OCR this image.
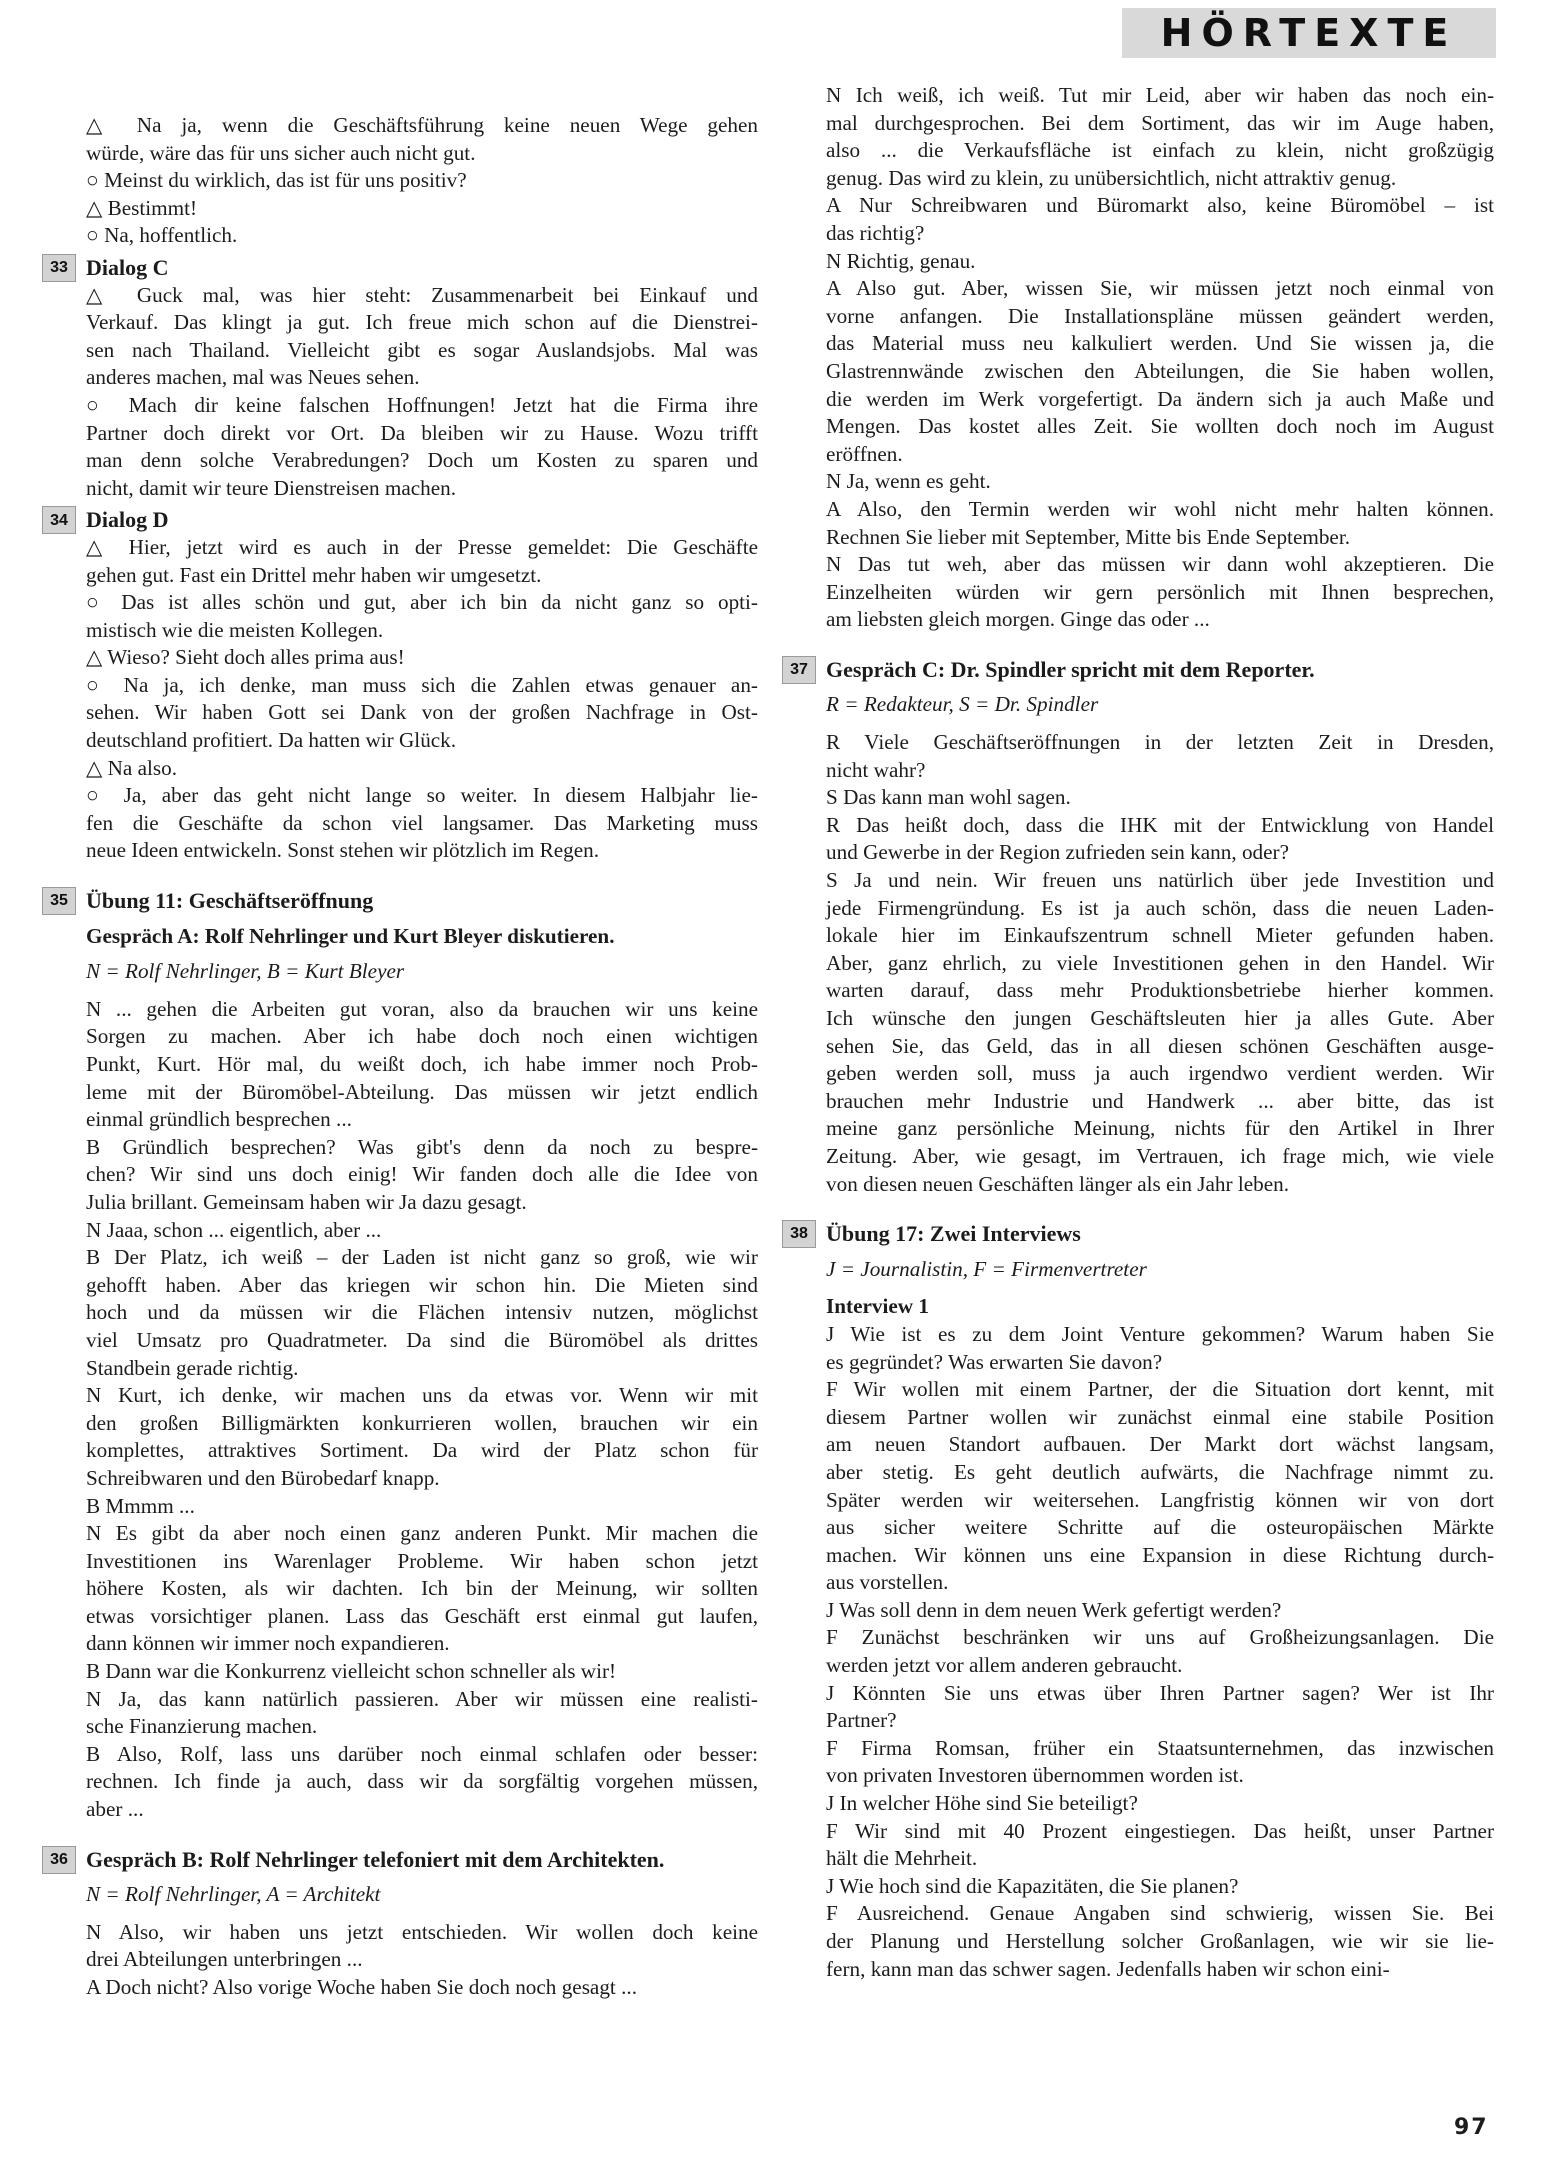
HÖRTEXTE
△ Na ja, wenn die Geschäftsführung keine neuen Wege gehen
würde, wäre das für uns sicher auch nicht gut.
○ Meinst du wirklich, das ist für uns positiv?
△ Bestimmt!
○ Na, hoffentlich.
33 Dialog C
△ Guck mal, was hier steht: Zusammenarbeit bei Einkauf und
Verkauf. Das klingt ja gut. Ich freue mich schon auf die Dienstrei-
sen nach Thailand. Vielleicht gibt es sogar Auslandsjobs. Mal was
anderes machen, mal was Neues sehen.
○ Mach dir keine falschen Hoffnungen! Jetzt hat die Firma ihre
Partner doch direkt vor Ort. Da bleiben wir zu Hause. Wozu trifft
man denn solche Verabredungen? Doch um Kosten zu sparen und
nicht, damit wir teure Dienstreisen machen.
34 Dialog D
△ Hier, jetzt wird es auch in der Presse gemeldet: Die Geschäfte
gehen gut. Fast ein Drittel mehr haben wir umgesetzt.
○ Das ist alles schön und gut, aber ich bin da nicht ganz so opti-
mistisch wie die meisten Kollegen.
△ Wieso? Sieht doch alles prima aus!
○ Na ja, ich denke, man muss sich die Zahlen etwas genauer an-
sehen. Wir haben Gott sei Dank von der großen Nachfrage in Ost-
deutschland profitiert. Da hatten wir Glück.
△ Na also.
○ Ja, aber das geht nicht lange so weiter. In diesem Halbjahr lie-
fen die Geschäfte da schon viel langsamer. Das Marketing muss
neue Ideen entwickeln. Sonst stehen wir plötzlich im Regen.
35 Übung 11: Geschäftseröffnung
Gespräch A: Rolf Nehrlinger und Kurt Bleyer diskutieren.
N = Rolf Nehrlinger, B = Kurt Bleyer
N ... gehen die Arbeiten gut voran, also da brauchen wir uns keine
Sorgen zu machen. Aber ich habe doch noch einen wichtigen
Punkt, Kurt. Hör mal, du weißt doch, ich habe immer noch Prob-
leme mit der Büromöbel-Abteilung. Das müssen wir jetzt endlich
einmal gründlich besprechen ...
B Gründlich besprechen? Was gibt's denn da noch zu bespre-
chen? Wir sind uns doch einig! Wir fanden doch alle die Idee von
Julia brillant. Gemeinsam haben wir Ja dazu gesagt.
N Jaaa, schon ... eigentlich, aber ...
B Der Platz, ich weiß – der Laden ist nicht ganz so groß, wie wir
gehofft haben. Aber das kriegen wir schon hin. Die Mieten sind
hoch und da müssen wir die Flächen intensiv nutzen, möglichst
viel Umsatz pro Quadratmeter. Da sind die Büromöbel als drittes
Standbein gerade richtig.
N Kurt, ich denke, wir machen uns da etwas vor. Wenn wir mit
den großen Billigmärkten konkurrieren wollen, brauchen wir ein
komplettes, attraktives Sortiment. Da wird der Platz schon für
Schreibwaren und den Bürobedarf knapp.
B Mmmm ...
N Es gibt da aber noch einen ganz anderen Punkt. Mir machen die
Investitionen ins Warenlager Probleme. Wir haben schon jetzt
höhere Kosten, als wir dachten. Ich bin der Meinung, wir sollten
etwas vorsichtiger planen. Lass das Geschäft erst einmal gut laufen,
dann können wir immer noch expandieren.
B Dann war die Konkurrenz vielleicht schon schneller als wir!
N Ja, das kann natürlich passieren. Aber wir müssen eine realisti-
sche Finanzierung machen.
B Also, Rolf, lass uns darüber noch einmal schlafen oder besser:
rechnen. Ich finde ja auch, dass wir da sorgfältig vorgehen müssen,
aber ...
36 Gespräch B: Rolf Nehrlinger telefoniert mit dem Architekten.
N = Rolf Nehrlinger, A = Architekt
N Also, wir haben uns jetzt entschieden. Wir wollen doch keine
drei Abteilungen unterbringen ...
A Doch nicht? Also vorige Woche haben Sie doch noch gesagt ...
N Ich weiß, ich weiß. Tut mir Leid, aber wir haben das noch ein-
mal durchgesprochen. Bei dem Sortiment, das wir im Auge haben,
also ... die Verkaufsfläche ist einfach zu klein, nicht großzügig
genug. Das wird zu klein, zu unübersichtlich, nicht attraktiv genug.
A Nur Schreibwaren und Büromarkt also, keine Büromöbel – ist
das richtig?
N Richtig, genau.
A Also gut. Aber, wissen Sie, wir müssen jetzt noch einmal von
vorne anfangen. Die Installationspläne müssen geändert werden,
das Material muss neu kalkuliert werden. Und Sie wissen ja, die
Glastrennwände zwischen den Abteilungen, die Sie haben wollen,
die werden im Werk vorgefertigt. Da ändern sich ja auch Maße und
Mengen. Das kostet alles Zeit. Sie wollten doch noch im August
eröffnen.
N Ja, wenn es geht.
A Also, den Termin werden wir wohl nicht mehr halten können.
Rechnen Sie lieber mit September, Mitte bis Ende September.
N Das tut weh, aber das müssen wir dann wohl akzeptieren. Die
Einzelheiten würden wir gern persönlich mit Ihnen besprechen,
am liebsten gleich morgen. Ginge das oder ...
37 Gespräch C: Dr. Spindler spricht mit dem Reporter.
R = Redakteur, S = Dr. Spindler
R Viele Geschäftseröffnungen in der letzten Zeit in Dresden,
nicht wahr?
S Das kann man wohl sagen.
R Das heißt doch, dass die IHK mit der Entwicklung von Handel
und Gewerbe in der Region zufrieden sein kann, oder?
S Ja und nein. Wir freuen uns natürlich über jede Investition und
jede Firmengründung. Es ist ja auch schön, dass die neuen Laden-
lokale hier im Einkaufszentrum schnell Mieter gefunden haben.
Aber, ganz ehrlich, zu viele Investitionen gehen in den Handel. Wir
warten darauf, dass mehr Produktionsbetriebe hierher kommen.
Ich wünsche den jungen Geschäftsleuten hier ja alles Gute. Aber
sehen Sie, das Geld, das in all diesen schönen Geschäften ausge-
geben werden soll, muss ja auch irgendwo verdient werden. Wir
brauchen mehr Industrie und Handwerk ... aber bitte, das ist
meine ganz persönliche Meinung, nichts für den Artikel in Ihrer
Zeitung. Aber, wie gesagt, im Vertrauen, ich frage mich, wie viele
von diesen neuen Geschäften länger als ein Jahr leben.
38 Übung 17: Zwei Interviews
J = Journalistin, F = Firmenvertreter
Interview 1
J Wie ist es zu dem Joint Venture gekommen? Warum haben Sie
es gegründet? Was erwarten Sie davon?
F Wir wollen mit einem Partner, der die Situation dort kennt, mit
diesem Partner wollen wir zunächst einmal eine stabile Position
am neuen Standort aufbauen. Der Markt dort wächst langsam,
aber stetig. Es geht deutlich aufwärts, die Nachfrage nimmt zu.
Später werden wir weitersehen. Langfristig können wir von dort
aus sicher weitere Schritte auf die osteuropäischen Märkte
machen. Wir können uns eine Expansion in diese Richtung durch-
aus vorstellen.
J Was soll denn in dem neuen Werk gefertigt werden?
F Zunächst beschränken wir uns auf Großheizungsanlagen. Die
werden jetzt vor allem anderen gebraucht.
J Könnten Sie uns etwas über Ihren Partner sagen? Wer ist Ihr
Partner?
F Firma Romsan, früher ein Staatsunternehmen, das inzwischen
von privaten Investoren übernommen worden ist.
J In welcher Höhe sind Sie beteiligt?
F Wir sind mit 40 Prozent eingestiegen. Das heißt, unser Partner
hält die Mehrheit.
J Wie hoch sind die Kapazitäten, die Sie planen?
F Ausreichend. Genaue Angaben sind schwierig, wissen Sie. Bei
der Planung und Herstellung solcher Großanlagen, wie wir sie lie-
fern, kann man das schwer sagen. Jedenfalls haben wir schon eini-
97
